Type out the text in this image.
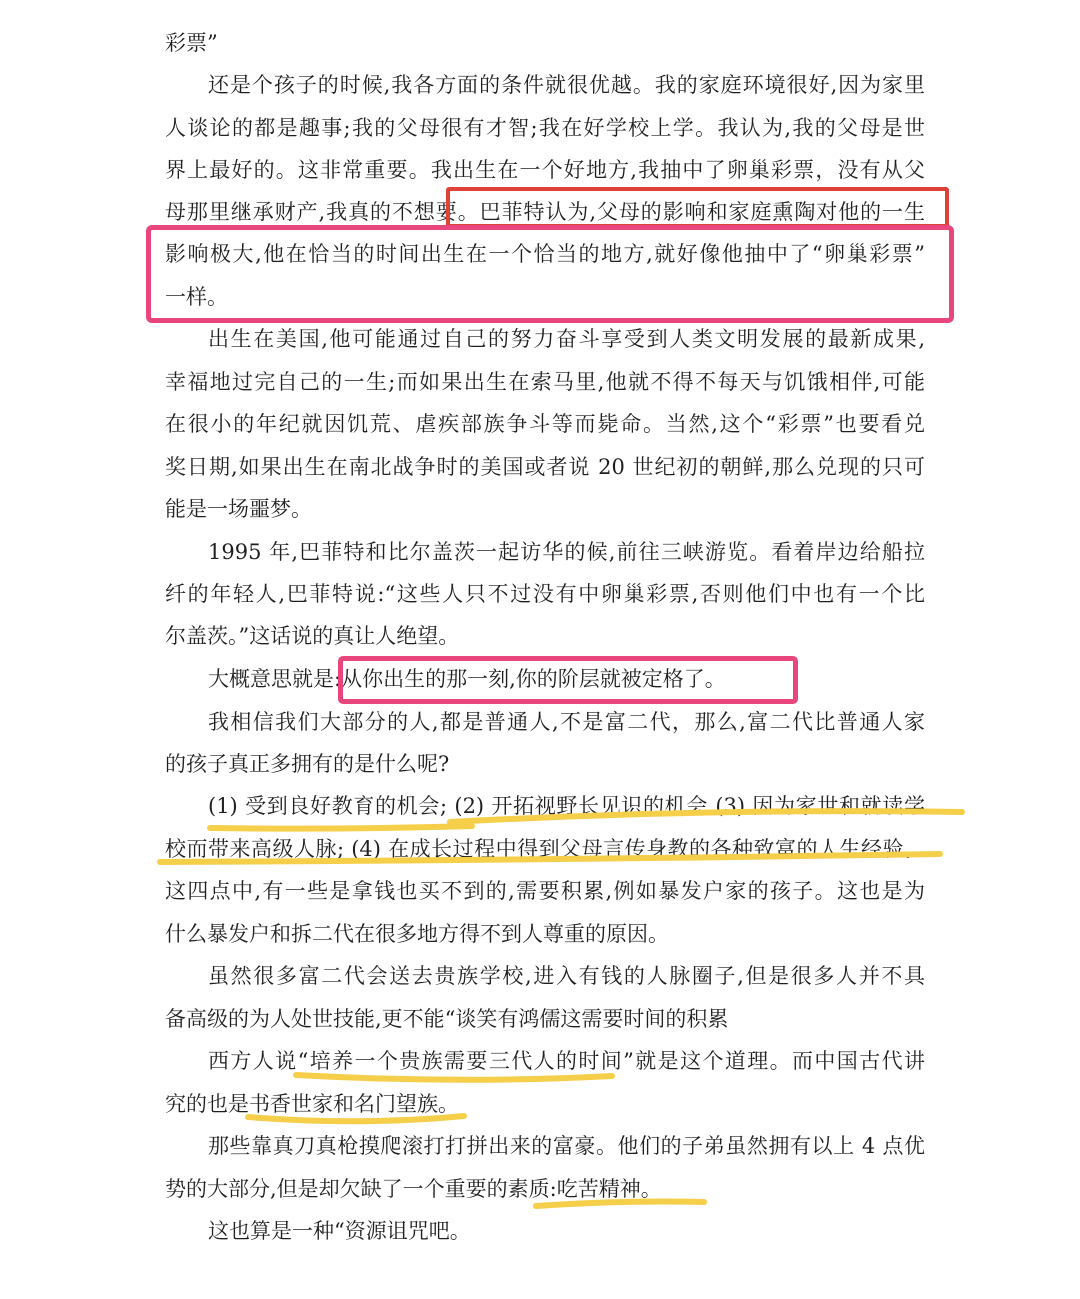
彩票”
还是个孩子的时候,我各方面的条件就很优越。我的家庭环境很好,因为家里
人谈论的都是趣事;我的父母很有才智;我在好学校上学。我认为,我的父母是世
界上最好的。这非常重要。我出生在一个好地方,我抽中了卵巢彩票，没有从父
母那里继承财产,我真的不想要。巴菲特认为,父母的影响和家庭熏陶对他的一生
影响极大,他在恰当的时间出生在一个恰当的地方,就好像他抽中了“卵巢彩票”
一样。
出生在美国,他可能通过自己的努力奋斗享受到人类文明发展的最新成果,
幸福地过完自己的一生;而如果出生在索马里,他就不得不每天与饥饿相伴,可能
在很小的年纪就因饥荒、虐疾部族争斗等而毙命。当然,这个“彩票”也要看兑
奖日期,如果出生在南北战争时的美国或者说 20 世纪初的朝鲜,那么兑现的只可
能是一场噩梦。
1995 年,巴菲特和比尔盖茨一起访华的候,前往三峡游览。看着岸边给船拉
纤的年轻人,巴菲特说:“这些人只不过没有中卵巢彩票,否则他们中也有一个比
尔盖茨。”这话说的真让人绝望。
大概意思就是:从你出生的那一刻,你的阶层就被定格了。
我相信我们大部分的人,都是普通人,不是富二代，那么,富二代比普通人家
的孩子真正多拥有的是什么呢?
(1) 受到良好教育的机会; (2) 开拓视野长见识的机会 (3) 因为家世和就读学
校而带来高级人脉; (4) 在成长过程中得到父母言传身教的各种致富的人生经验。
这四点中,有一些是拿钱也买不到的,需要积累,例如暴发户家的孩子。这也是为
什么暴发户和拆二代在很多地方得不到人尊重的原因。
虽然很多富二代会送去贵族学校,进入有钱的人脉圈子,但是很多人并不具
备高级的为人处世技能,更不能“谈笑有鸿儒这需要时间的积累
西方人说“培养一个贵族需要三代人的时间”就是这个道理。而中国古代讲
究的也是书香世家和名门望族。
那些靠真刀真枪摸爬滚打打拼出来的富豪。他们的子弟虽然拥有以上 4 点优
势的大部分,但是却欠缺了一个重要的素质:吃苦精神。
这也算是一种“资源诅咒吧。
